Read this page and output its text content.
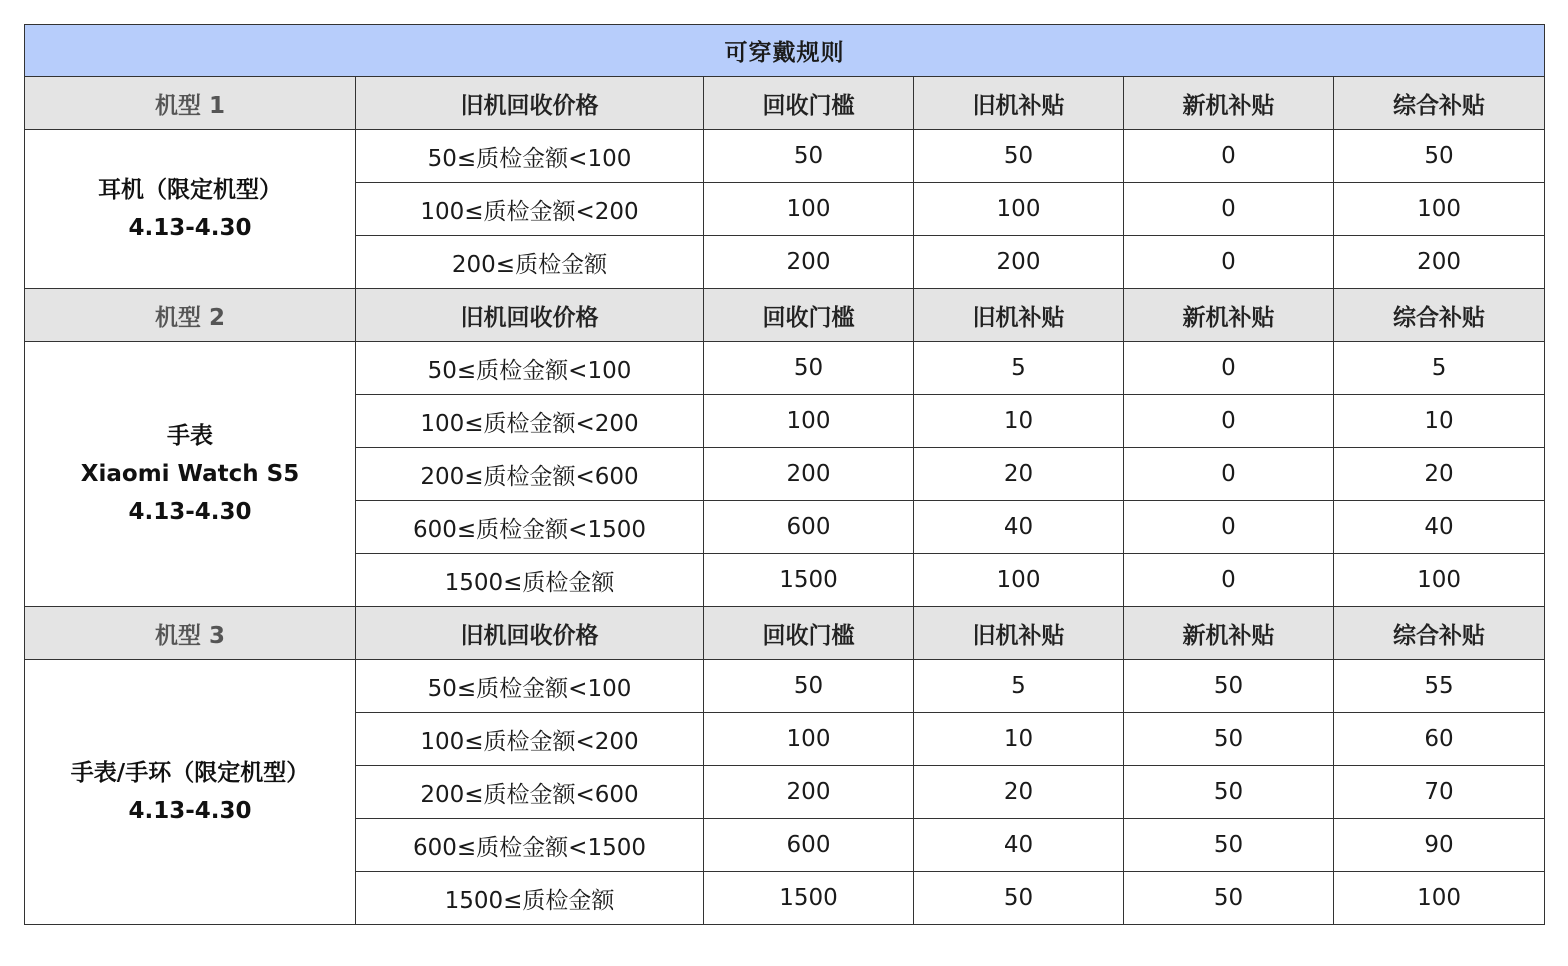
可穿戴规则					
机型 1	旧机回收价格	回收门槛	旧机补贴	新机补贴	综合补贴

耳机（限定机型）
4.13-4.30	50≤质检金额<100	50	50	0	50
	100≤质检金额<200	100	100	0	100
	200≤质检金额	200	200	0	200
机型 2	旧机回收价格	回收门槛	旧机补贴	新机补贴	综合补贴

手表
Xiaomi Watch S5
4.13-4.30	50≤质检金额<100	50	5	0	5
	100≤质检金额<200	100	10	0	10
	200≤质检金额<600	200	20	0	20
	600≤质检金额<1500	600	40	0	40
	1500≤质检金额	1500	100	0	100
机型 3	旧机回收价格	回收门槛	旧机补贴	新机补贴	综合补贴

手表/手环（限定机型）
4.13-4.30	50≤质检金额<100	50	5	50	55
	100≤质检金额<200	100	10	50	60
	200≤质检金额<600	200	20	50	70
	600≤质检金额<1500	600	40	50	90
	1500≤质检金额	1500	50	50	100
